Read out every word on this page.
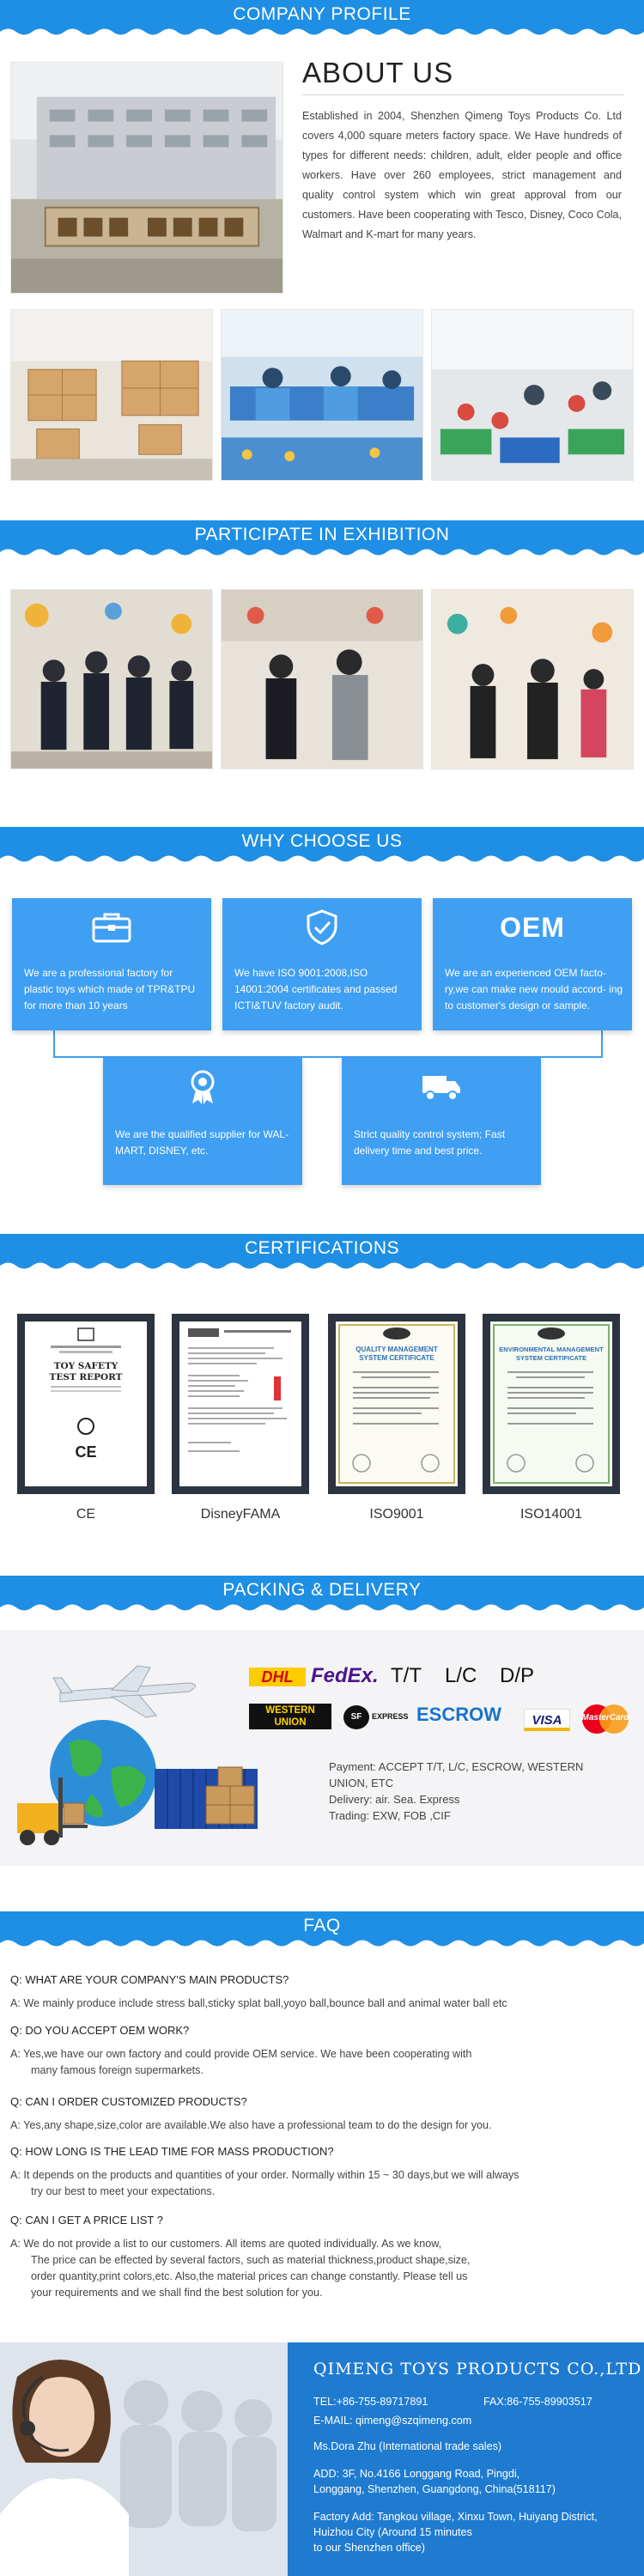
COMPANY PROFILE
ABOUT US
Established in 2004, Shenzhen Qimeng Toys Products Co. Ltd covers 4,000 square meters factory space. We Have hundreds of types for different needs: children, adult, elder people and office workers. Have over 260 employees, strict management and quality control system which win great approval from our customers. Have been cooperating with Tesco, Disney, Coco Cola, Walmart and K-mart for many years.
PARTICIPATE IN EXHIBITION
WHY CHOOSE US
We are a professional factory for plastic toys which made of TPR&TPU for more than 10 years
We have ISO 9001:2008,ISO 14001:2004 certificates and passed ICTI&TUV factory audit.
OEM
We are an experienced OEM facto- ry,we can make new mould accord- ing to customer's design or sample.
We are the qualified supplier for WAL-MART, DISNEY, etc.
Strict quality control system; Fast delivery time and best price.
CERTIFICATIONS
TOY SAFETY
TEST REPORT
CE
QUALITY MANAGEMENT SYSTEM CERTIFICATE
ENVIRONMENTAL MANAGEMENT SYSTEM CERTIFICATE
CE	DisneyFAMA	ISO9001	ISO14001
PACKING & DELIVERY
DHL FedEx. T/T L/C D/P
WESTERN UNION
SF	EXPRESS ESCROW	VISA	MasterCard
Payment: ACCEPT T/T, L/C, ESCROW, WESTERN UNION, ETC
Delivery: air. Sea. Express
Trading: EXW, FOB ,CIF
FAQ
Q: WHAT ARE YOUR COMPANY'S MAIN PRODUCTS?
A: We mainly produce include stress ball,sticky splat ball,yoyo ball,bounce ball and animal water ball etc
Q: DO YOU ACCEPT OEM WORK?
A: Yes,we have our own factory and could provide OEM service. We have been cooperating with
many famous foreign supermarkets.
Q: CAN I ORDER CUSTOMIZED PRODUCTS?
A: Yes,any shape,size,color are available.We also have a professional team to do the design for you.
Q: HOW LONG IS THE LEAD TIME FOR MASS PRODUCTION?
A: It depends on the products and quantities of your order. Normally within 15 ~ 30 days,but we will always
try our best to meet your expectations.
Q: CAN I GET A PRICE LIST ?
A: We do not provide a list to our customers. All items are quoted individually. As we know,
The price can be effected by several factors, such as material thickness,product shape,size,
order quantity,print colors,etc. Also,the material prices can change constantly. Please tell us
your requirements and we shall find the best solution for you.
QIMENG TOYS PRODUCTS CO.,LTD
TEL:+86-755-89717891	FAX:86-755-89903517
E-MAIL: qimeng@szqimeng.com
Ms.Dora Zhu (International trade sales)
ADD: 3F, No.4166 Longgang Road, Pingdi,
Longgang, Shenzhen, Guangdong, China(518117)
Factory Add: Tangkou village, Xinxu Town, Huiyang District,
Huizhou City (Around 15 minutes
to our Shenzhen office)
